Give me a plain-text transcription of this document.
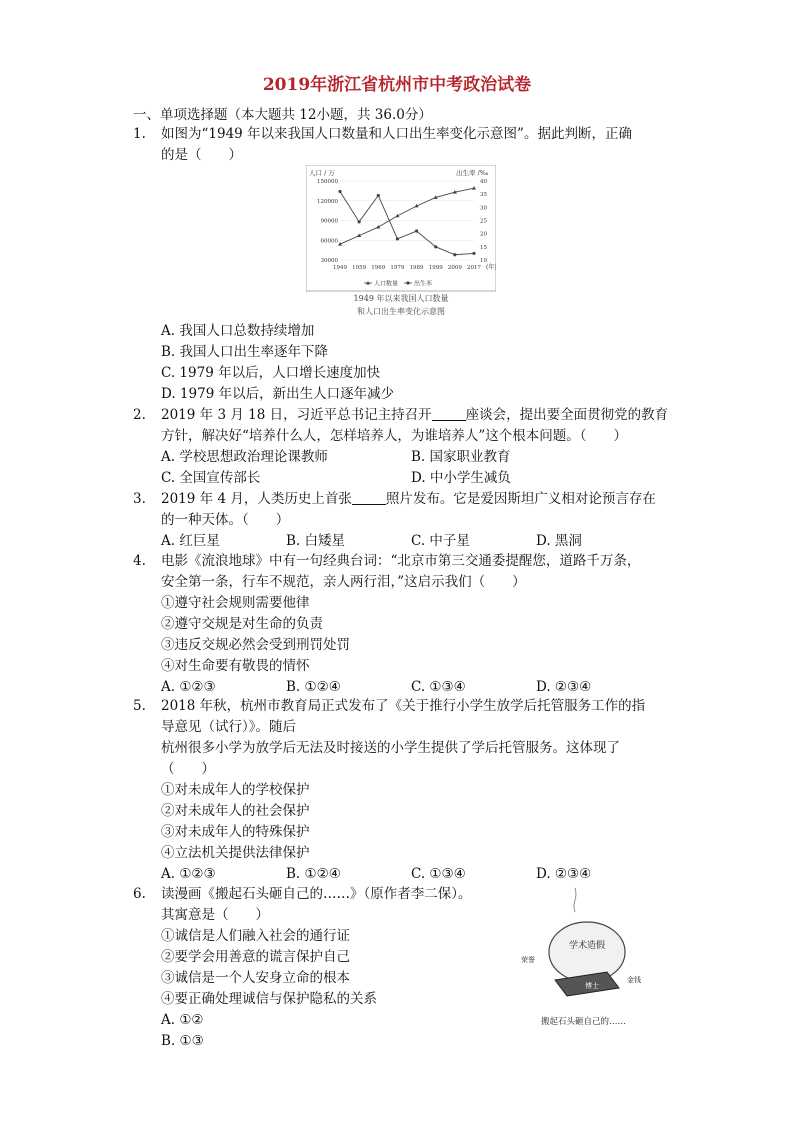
2019年浙江省杭州市中考政治试卷
一、单项选择题（本大题共 12小题，共 36.0分）
1. 如图为“1949 年以来我国人口数量和人口出生率变化示意图”。据此判断，正确
的是（　　）
人口 / 万	出生率 /‰
150000
120000
90000
60000
30000
40
35
30
25
20
15
10
1949 1959 1969 1979 1989 1999 2009 2017 (年)
人口数量	出生率
1949 年以来我国人口数量
和人口出生率变化示意图
A. 我国人口总数持续增加
B. 我国人口出生率逐年下降
C. 1979 年以后，人口增长速度加快
D. 1979 年以后，新出生人口逐年减少
2. 2019 年 3 月 18 日，习近平总书记主持召开	座谈会，提出要全面贯彻党的教育
方针，解决好“培养什么人，怎样培养人，为谁培养人”这个根本问题。（　　）
A. 学校思想政治理论课教师	B. 国家职业教育
C. 全国宣传部长	D. 中小学生减负
3. 2019 年 4 月，人类历史上首张	照片发布。它是爱因斯坦广义相对论预言存在
的一种天体。（　　）
A. 红巨星	B. 白矮星	C. 中子星	D. 黑洞
4. 电影《流浪地球》中有一句经典台词：“北京市第三交通委提醒您，道路千万条，
安全第一条，行车不规范，亲人两行泪，”这启示我们（　　）
①遵守社会规则需要他律
②遵守交规是对生命的负责
③违反交规必然会受到刑罚处罚
④对生命要有敬畏的情怀
A. ①②③	B. ①②④	C. ①③④	D. ②③④
5. 2018 年秋，杭州市教育局正式发布了《关于推行小学生放学后托管服务工作的指
导意见（试行）》。随后
杭州很多小学为放学后无法及时接送的小学生提供了学后托管服务。这体现了
（　　）
①对未成年人的学校保护
②对未成年人的社会保护
③对未成年人的特殊保护
④立法机关提供法律保护
A. ①②③	B. ①②④	C. ①③④	D. ②③④
6. 读漫画《搬起石头砸自己的……》（原作者李二保）。
其寓意是（　　）
①诚信是人们融入社会的通行证
②要学会用善意的谎言保护自己
③诚信是一个人安身立命的根本
④要正确处理诚信与保护隐私的关系
A. ①②
B. ①③
学术造假
博士
荣誉
金钱
搬起石头砸自己的……
